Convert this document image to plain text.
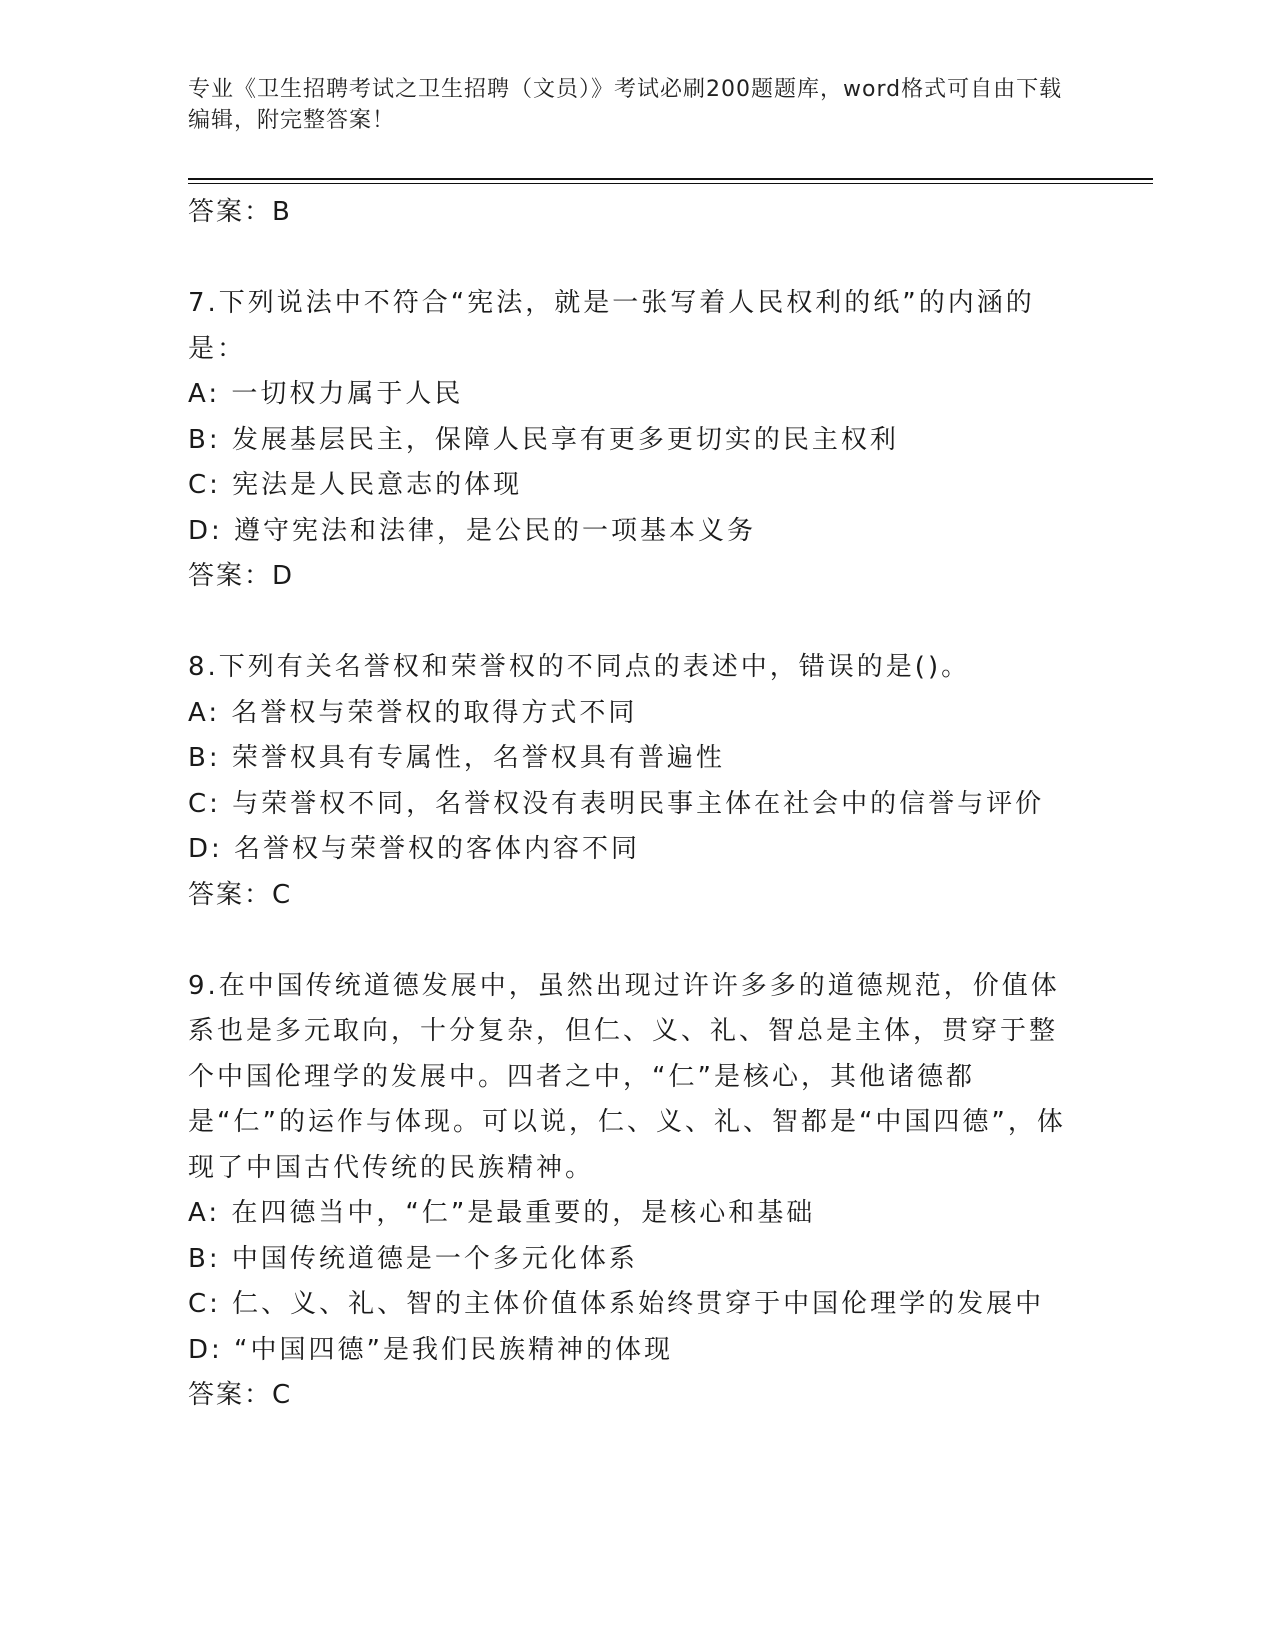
专业《卫生招聘考试之卫生招聘（文员）》考试必刷200题题库，word格式可自由下载编辑，附完整答案！
答案：B
7.下列说法中不符合“宪法，就是一张写着人民权利的纸”的内涵的是：
A: 一切权力属于人民
B: 发展基层民主，保障人民享有更多更切实的民主权利
C: 宪法是人民意志的体现
D: 遵守宪法和法律，是公民的一项基本义务
答案：D
8.下列有关名誉权和荣誉权的不同点的表述中，错误的是()。
A: 名誉权与荣誉权的取得方式不同
B: 荣誉权具有专属性，名誉权具有普遍性
C: 与荣誉权不同，名誉权没有表明民事主体在社会中的信誉与评价
D: 名誉权与荣誉权的客体内容不同
答案：C
9.在中国传统道德发展中，虽然出现过许许多多的道德规范，价值体系也是多元取向，十分复杂，但仁、义、礼、智总是主体，贯穿于整个中国伦理学的发展中。四者之中，“仁”是核心，其他诸德都是“仁”的运作与体现。可以说，仁、义、礼、智都是“中国四德”，体现了中国古代传统的民族精神。
A: 在四德当中，“仁”是最重要的，是核心和基础
B: 中国传统道德是一个多元化体系
C: 仁、义、礼、智的主体价值体系始终贯穿于中国伦理学的发展中
D: “中国四德”是我们民族精神的体现
答案：C
